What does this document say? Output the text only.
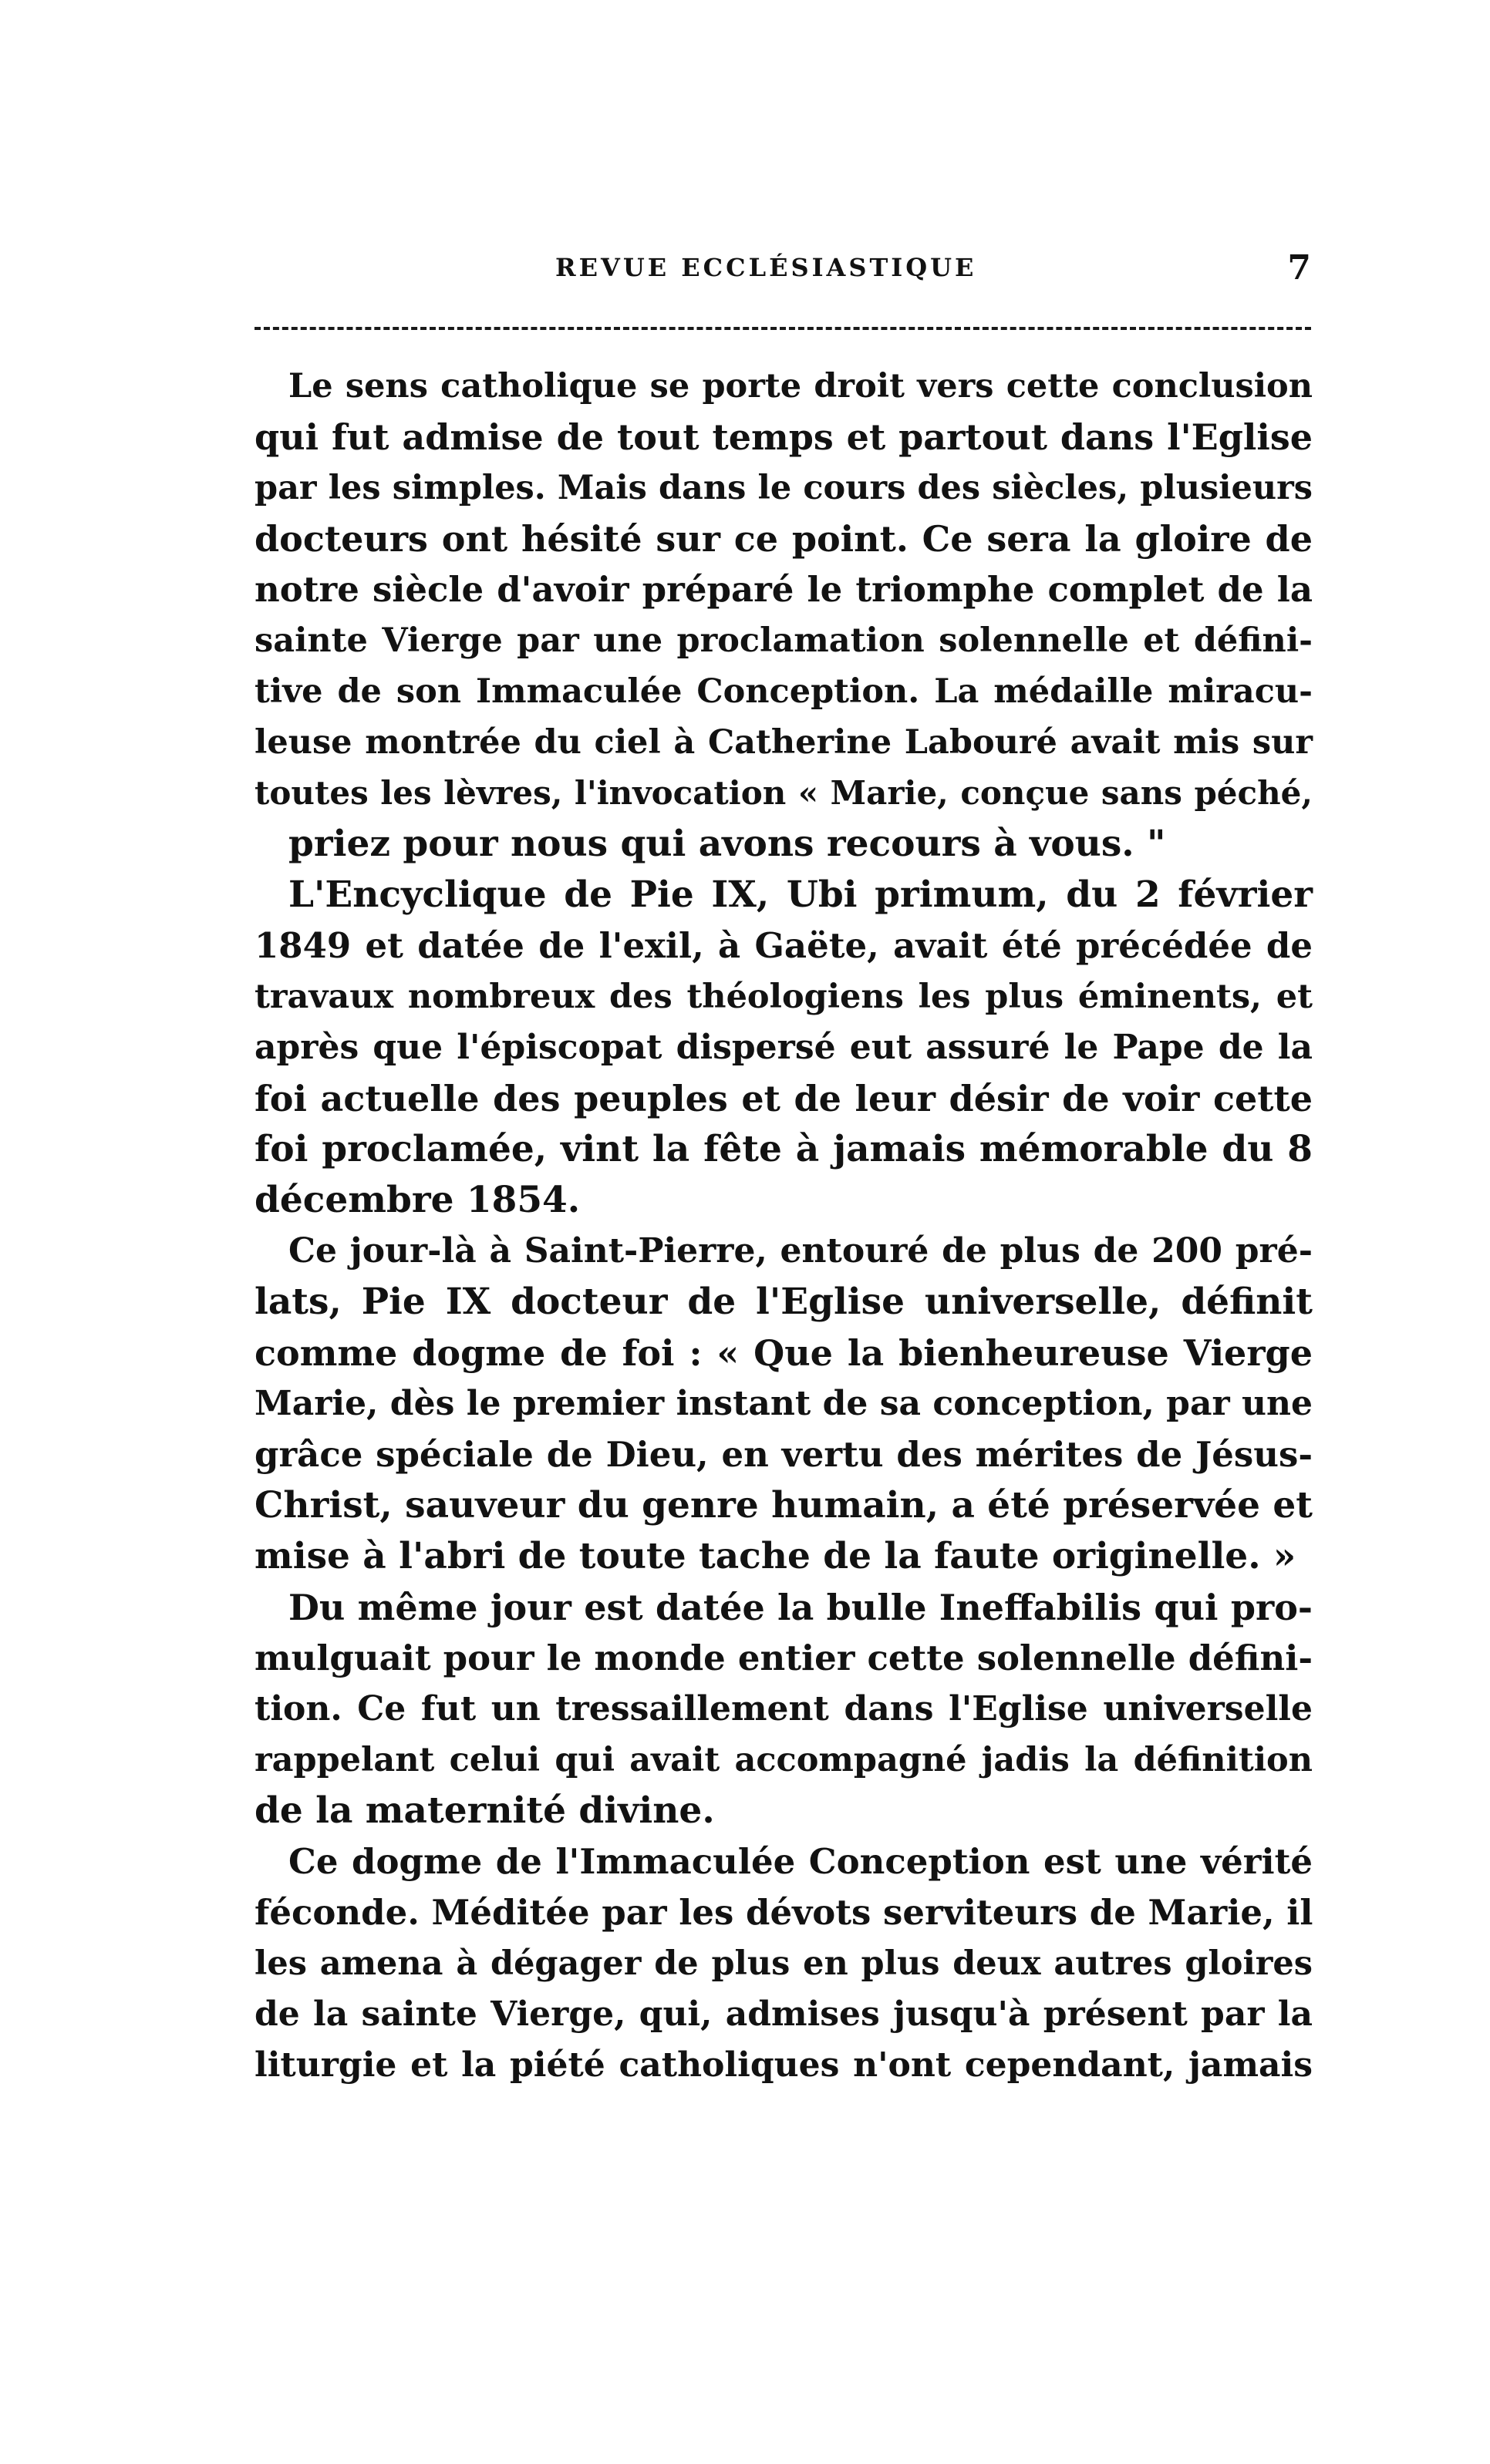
REVUE ECCLÉSIASTIQUE	7
Le sens catholique se porte droit vers cette conclusion
qui fut admise de tout temps et partout dans l'Eglise
par les simples. Mais dans le cours des siècles, plusieurs
docteurs ont hésité sur ce point. Ce sera la gloire de
notre siècle d'avoir préparé le triomphe complet de la
sainte Vierge par une proclamation solennelle et défini-
tive de son Immaculée Conception. La médaille miracu-
leuse montrée du ciel à Catherine Labouré avait mis sur
toutes les lèvres, l'invocation « Marie, conçue sans péché,
priez pour nous qui avons recours à vous. "
L'Encyclique de Pie IX, Ubi primum, du 2 février
1849 et datée de l'exil, à Gaëte, avait été précédée de
travaux nombreux des théologiens les plus éminents, et
après que l'épiscopat dispersé eut assuré le Pape de la
foi actuelle des peuples et de leur désir de voir cette
foi proclamée, vint la fête à jamais mémorable du 8
décembre 1854.
Ce jour-là à Saint-Pierre, entouré de plus de 200 pré-
lats, Pie IX docteur de l'Eglise universelle, définit
comme dogme de foi : « Que la bienheureuse Vierge
Marie, dès le premier instant de sa conception, par une
grâce spéciale de Dieu, en vertu des mérites de Jésus-
Christ, sauveur du genre humain, a été préservée et
mise à l'abri de toute tache de la faute originelle. »
Du même jour est datée la bulle Ineffabilis qui pro-
mulguait pour le monde entier cette solennelle défini-
tion. Ce fut un tressaillement dans l'Eglise universelle
rappelant celui qui avait accompagné jadis la définition
de la maternité divine.
Ce dogme de l'Immaculée Conception est une vérité
féconde. Méditée par les dévots serviteurs de Marie, il
les amena à dégager de plus en plus deux autres gloires
de la sainte Vierge, qui, admises jusqu'à présent par la
liturgie et la piété catholiques n'ont cependant, jamais
